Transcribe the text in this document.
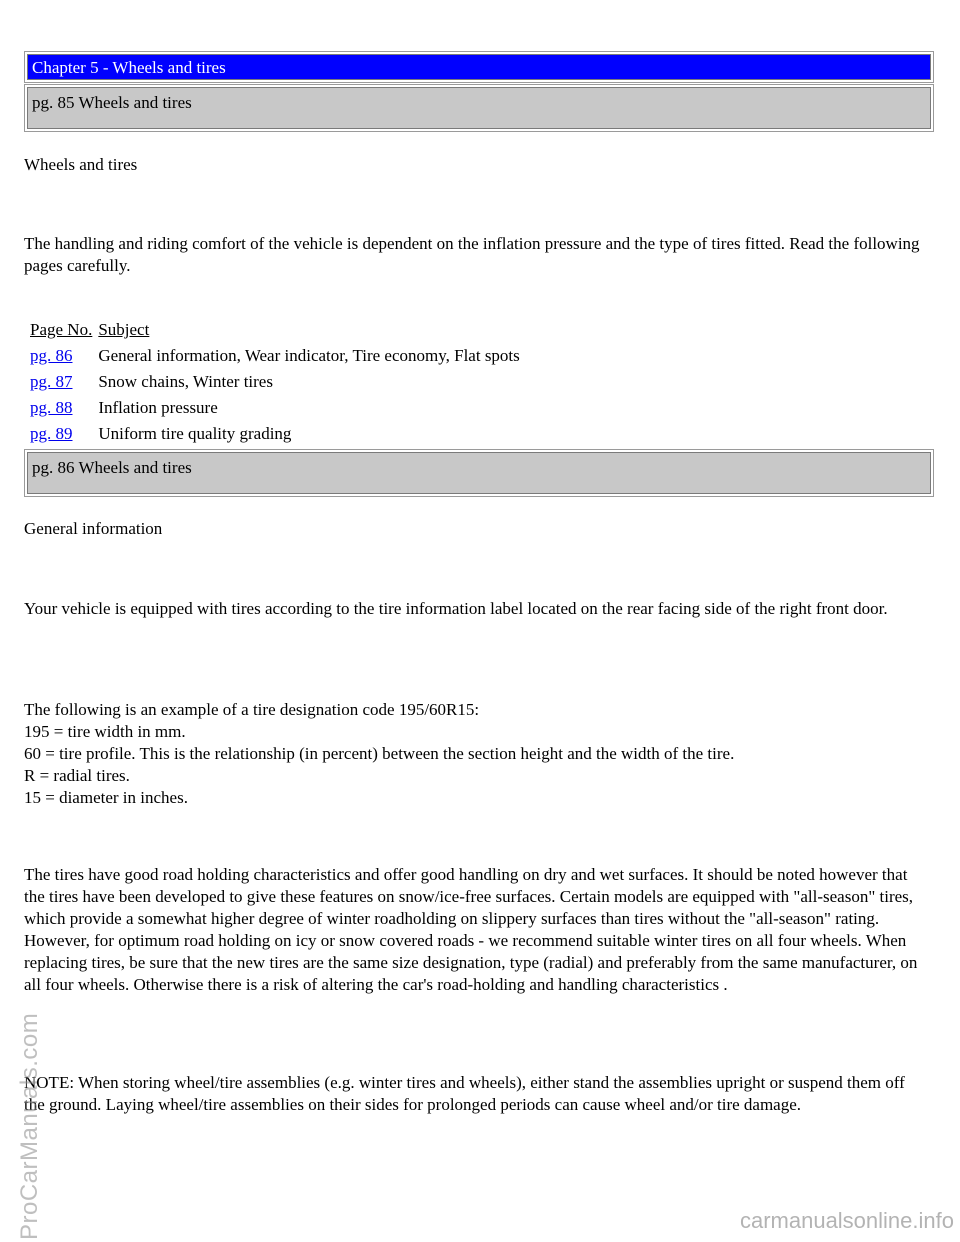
Chapter 5 - Wheels and tires
pg. 85 Wheels and tires

Wheels and tires

The handling and riding comfort of the vehicle is dependent on the inflation pressure and the type of tires fitted. Read the following pages carefully.

Page No.	Subject
pg. 86	General information, Wear indicator, Tire economy, Flat spots
pg. 87	Snow chains, Winter tires
pg. 88	Inflation pressure
pg. 89	Uniform tire quality grading
pg. 86 Wheels and tires

General information

Your vehicle is equipped with tires according to the tire information label located on the rear facing side of the right front door.

The following is an example of a tire designation code 195/60R15:
195 = tire width in mm.
60 = tire profile. This is the relationship (in percent) between the section height and the width of the tire.
R = radial tires.
15 = diameter in inches.

The tires have good road holding characteristics and offer good handling on dry and wet surfaces. It should be noted however that the tires have been developed to give these features on snow/ice-free surfaces. Certain models are equipped with "all-season" tires, which provide a somewhat higher degree of winter roadholding on slippery surfaces than tires without the "all-season" rating. However, for optimum road holding on icy or snow covered roads - we recommend suitable winter tires on all four wheels. When replacing tires, be sure that the new tires are the same size designation, type (radial) and preferably from the same manufacturer, on all four wheels. Otherwise there is a risk of altering the car's road-holding and handling characteristics .

NOTE: When storing wheel/tire assemblies (e.g. winter tires and wheels), either stand the assemblies upright or suspend them off the ground. Laying wheel/tire assemblies on their sides for prolonged periods can cause wheel and/or tire damage.

ProCarManuals.com	carmanualsonline.info
